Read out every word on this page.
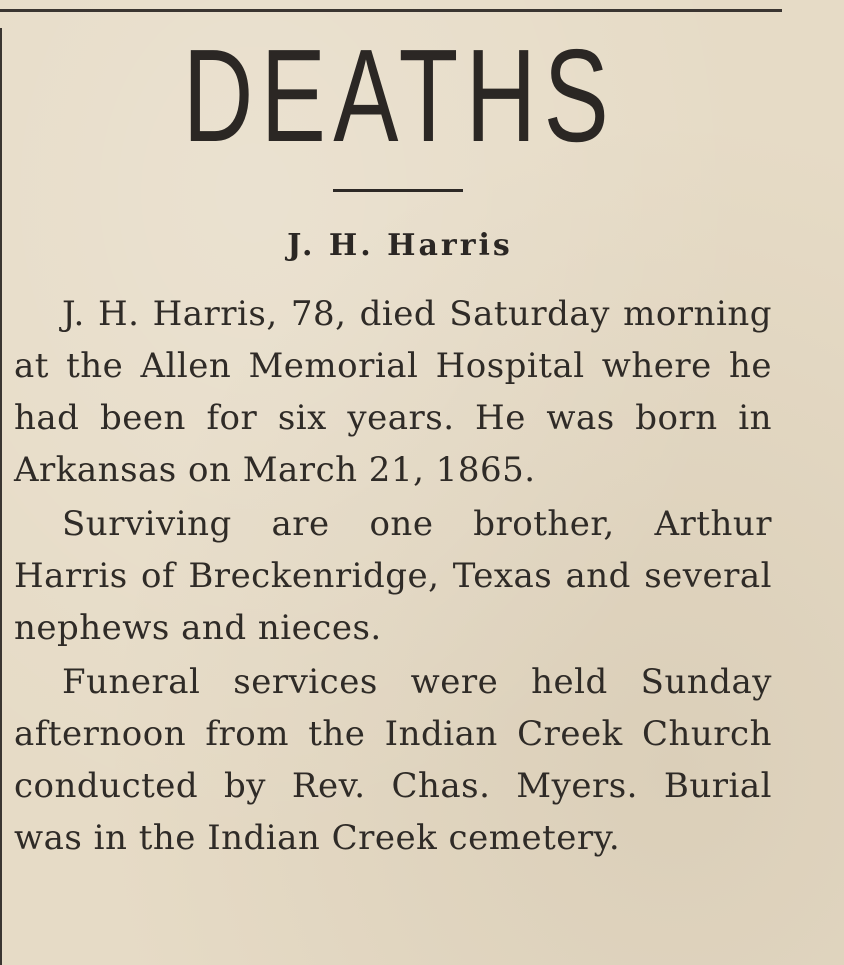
DEATHS
J. H. Harris

J. H. Harris, 78, died Saturday morning at the Allen Memorial Hospital where he had been for six years. He was born in Arkansas on March 21, 1865.

Surviving are one brother, Arthur Harris of Breckenridge, Texas and several nephews and nieces.

Funeral services were held Sunday afternoon from the Indian Creek Church conducted by Rev. Chas. Myers. Burial was in the Indian Creek cemetery.
